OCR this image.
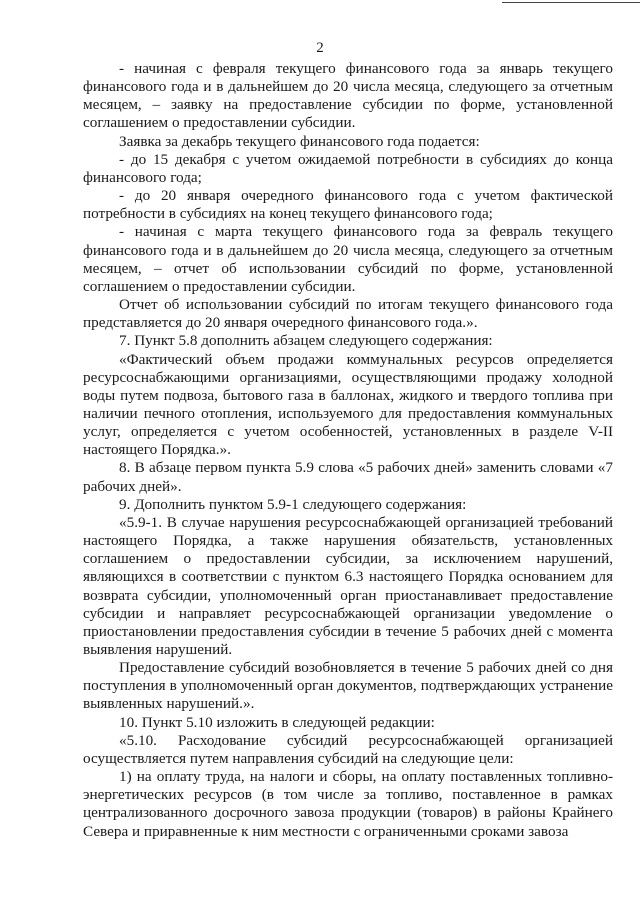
2

- начиная с февраля текущего финансового года за январь текущего финансового года и в дальнейшем до 20 числа месяца, следующего за отчетным месяцем, – заявку на предоставление субсидии по форме, установленной соглашением о предоставлении субсидии.

Заявка за декабрь текущего финансового года подается:

- до 15 декабря с учетом ожидаемой потребности в субсидиях до конца финансового года;

- до 20 января очередного финансового года с учетом фактической потребности в субсидиях на конец текущего финансового года;

- начиная с марта текущего финансового года за февраль текущего финансового года и в дальнейшем до 20 числа месяца, следующего за отчетным месяцем, – отчет об использовании субсидий по форме, установленной соглашением о предоставлении субсидии.

Отчет об использовании субсидий по итогам текущего финансового года представляется до 20 января очередного финансового года.».

7. Пункт 5.8 дополнить абзацем следующего содержания:

«Фактический объем продажи коммунальных ресурсов определяется ресурсоснабжающими организациями, осуществляющими продажу холодной воды путем подвоза, бытового газа в баллонах, жидкого и твердого топлива при наличии печного отопления, используемого для предоставления коммунальных услуг, определяется с учетом особенностей, установленных в разделе V-II настоящего Порядка.».

8. В абзаце первом пункта 5.9 слова «5 рабочих дней» заменить словами «7 рабочих дней».

9. Дополнить пунктом 5.9-1 следующего содержания:

«5.9-1. В случае нарушения ресурсоснабжающей организацией требований настоящего Порядка, а также нарушения обязательств, установленных соглашением о предоставлении субсидии, за исключением нарушений, являющихся в соответствии с пунктом 6.3 настоящего Порядка основанием для возврата субсидии, уполномоченный орган приостанавливает предоставление субсидии и направляет ресурсоснабжающей организации уведомление о приостановлении предоставления субсидии в течение 5 рабочих дней с момента выявления нарушений.

Предоставление субсидий возобновляется в течение 5 рабочих дней со дня поступления в уполномоченный орган документов, подтверждающих устранение выявленных нарушений.».

10. Пункт 5.10 изложить в следующей редакции:

«5.10. Расходование субсидий ресурсоснабжающей организацией осуществляется путем направления субсидий на следующие цели:

1) на оплату труда, на налоги и сборы, на оплату поставленных топливно-энергетических ресурсов (в том числе за топливо, поставленное в рамках централизованного досрочного завоза продукции (товаров) в районы Крайнего Севера и приравненные к ним местности с ограниченными сроками завоза
